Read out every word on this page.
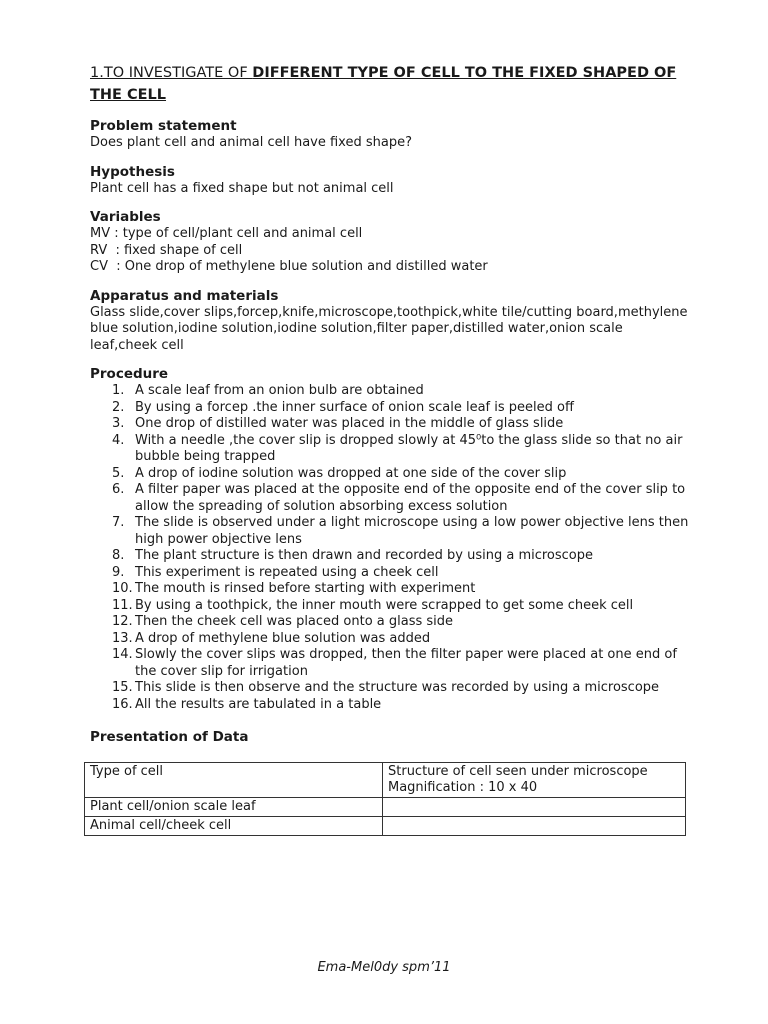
1.TO INVESTIGATE OF DIFFERENT TYPE OF CELL TO THE FIXED SHAPED OF THE CELL

Problem statement
Does plant cell and animal cell have fixed shape?
Hypothesis
Plant cell has a fixed shape but not animal cell
Variables
MV : type of cell/plant cell and animal cell
RV  : fixed shape of cell
CV  : One drop of methylene blue solution and distilled water
Apparatus and materials
Glass slide,cover slips,forcep,knife,microscope,toothpick,white tile/cutting board,methylene blue solution,iodine solution,iodine solution,filter paper,distilled water,onion scale leaf,cheek cell
Procedure
1. A scale leaf from an onion bulb are obtained
2. By using a forcep .the inner surface of onion scale leaf is peeled off
3. One drop of distilled water was placed in the middle of glass slide
4. With a needle ,the cover slip is dropped slowly at 45⁰to the glass slide so that no air bubble being trapped
5. A drop of iodine solution was dropped at one side of the cover slip
6. A filter paper was placed at the opposite end of the opposite end of the cover slip to allow the spreading of solution absorbing excess solution
7. The slide is observed under a light microscope using a low power objective lens then high power objective lens
8. The plant structure is then drawn and recorded by using a microscope
9. This experiment is repeated using a cheek cell
10. The mouth is rinsed before starting with experiment
11. By using a toothpick, the inner mouth were scrapped to get some cheek cell
12. Then the cheek cell was placed onto a glass side
13. A drop of methylene blue solution was added
14. Slowly the cover slips was dropped, then the filter paper were placed at one end of the cover slip for irrigation
15. This slide is then observe and the structure was recorded by using a microscope
16. All the results are tabulated in a table
Presentation of Data
Type of cell	Structure of cell seen under microscope
Magnification : 10 x 40

Plant cell/onion scale leaf	
Animal cell/cheek cell	
Ema-Mel0dy spm’11
